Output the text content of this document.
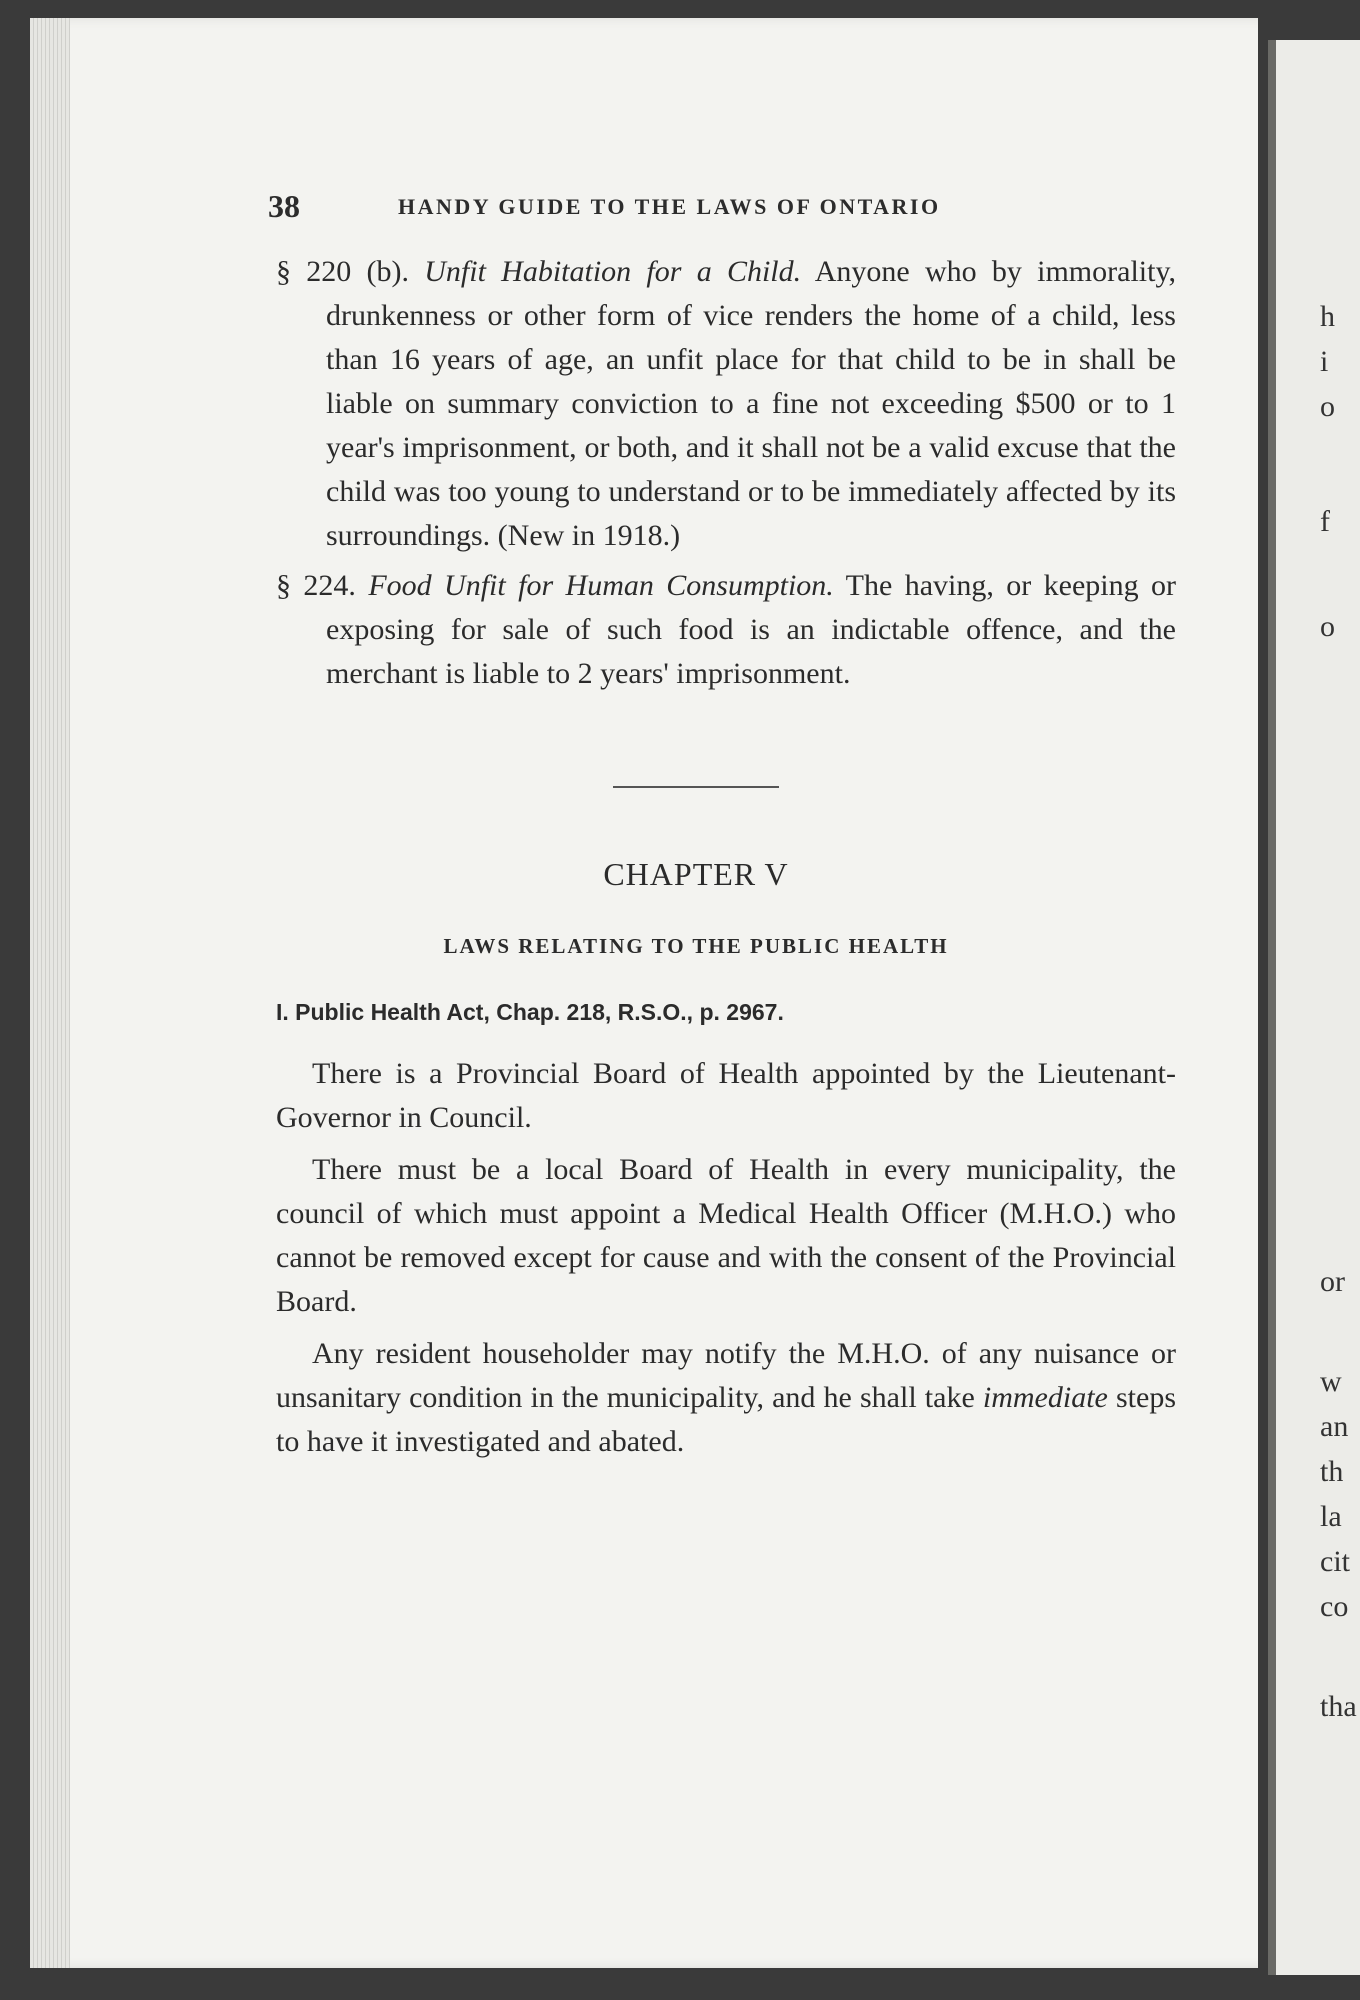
h
i
o
f
o
or
w
an
th
la
cit
co
tha
38	HANDY GUIDE TO THE LAWS OF ONTARIO

§ 220 (b). Unfit Habitation for a Child. Anyone who by immorality, drunkenness or other form of vice renders the home of a child, less than 16 years of age, an unfit place for that child to be in shall be liable on summary conviction to a fine not exceeding $500 or to 1 year's imprisonment, or both, and it shall not be a valid excuse that the child was too young to understand or to be immediately affected by its surroundings. (New in 1918.)

§ 224. Food Unfit for Human Consumption. The having, or keeping or exposing for sale of such food is an indictable offence, and the merchant is liable to 2 years' imprisonment.

CHAPTER V
LAWS RELATING TO THE PUBLIC HEALTH
I. Public Health Act, Chap. 218, R.S.O., p. 2967.

There is a Provincial Board of Health appointed by the Lieutenant-Governor in Council.

There must be a local Board of Health in every municipality, the council of which must appoint a Medical Health Officer (M.H.O.) who cannot be removed except for cause and with the consent of the Provincial Board.

Any resident householder may notify the M.H.O. of any nuisance or unsanitary condition in the municipality, and he shall take immediate steps to have it investigated and abated.
